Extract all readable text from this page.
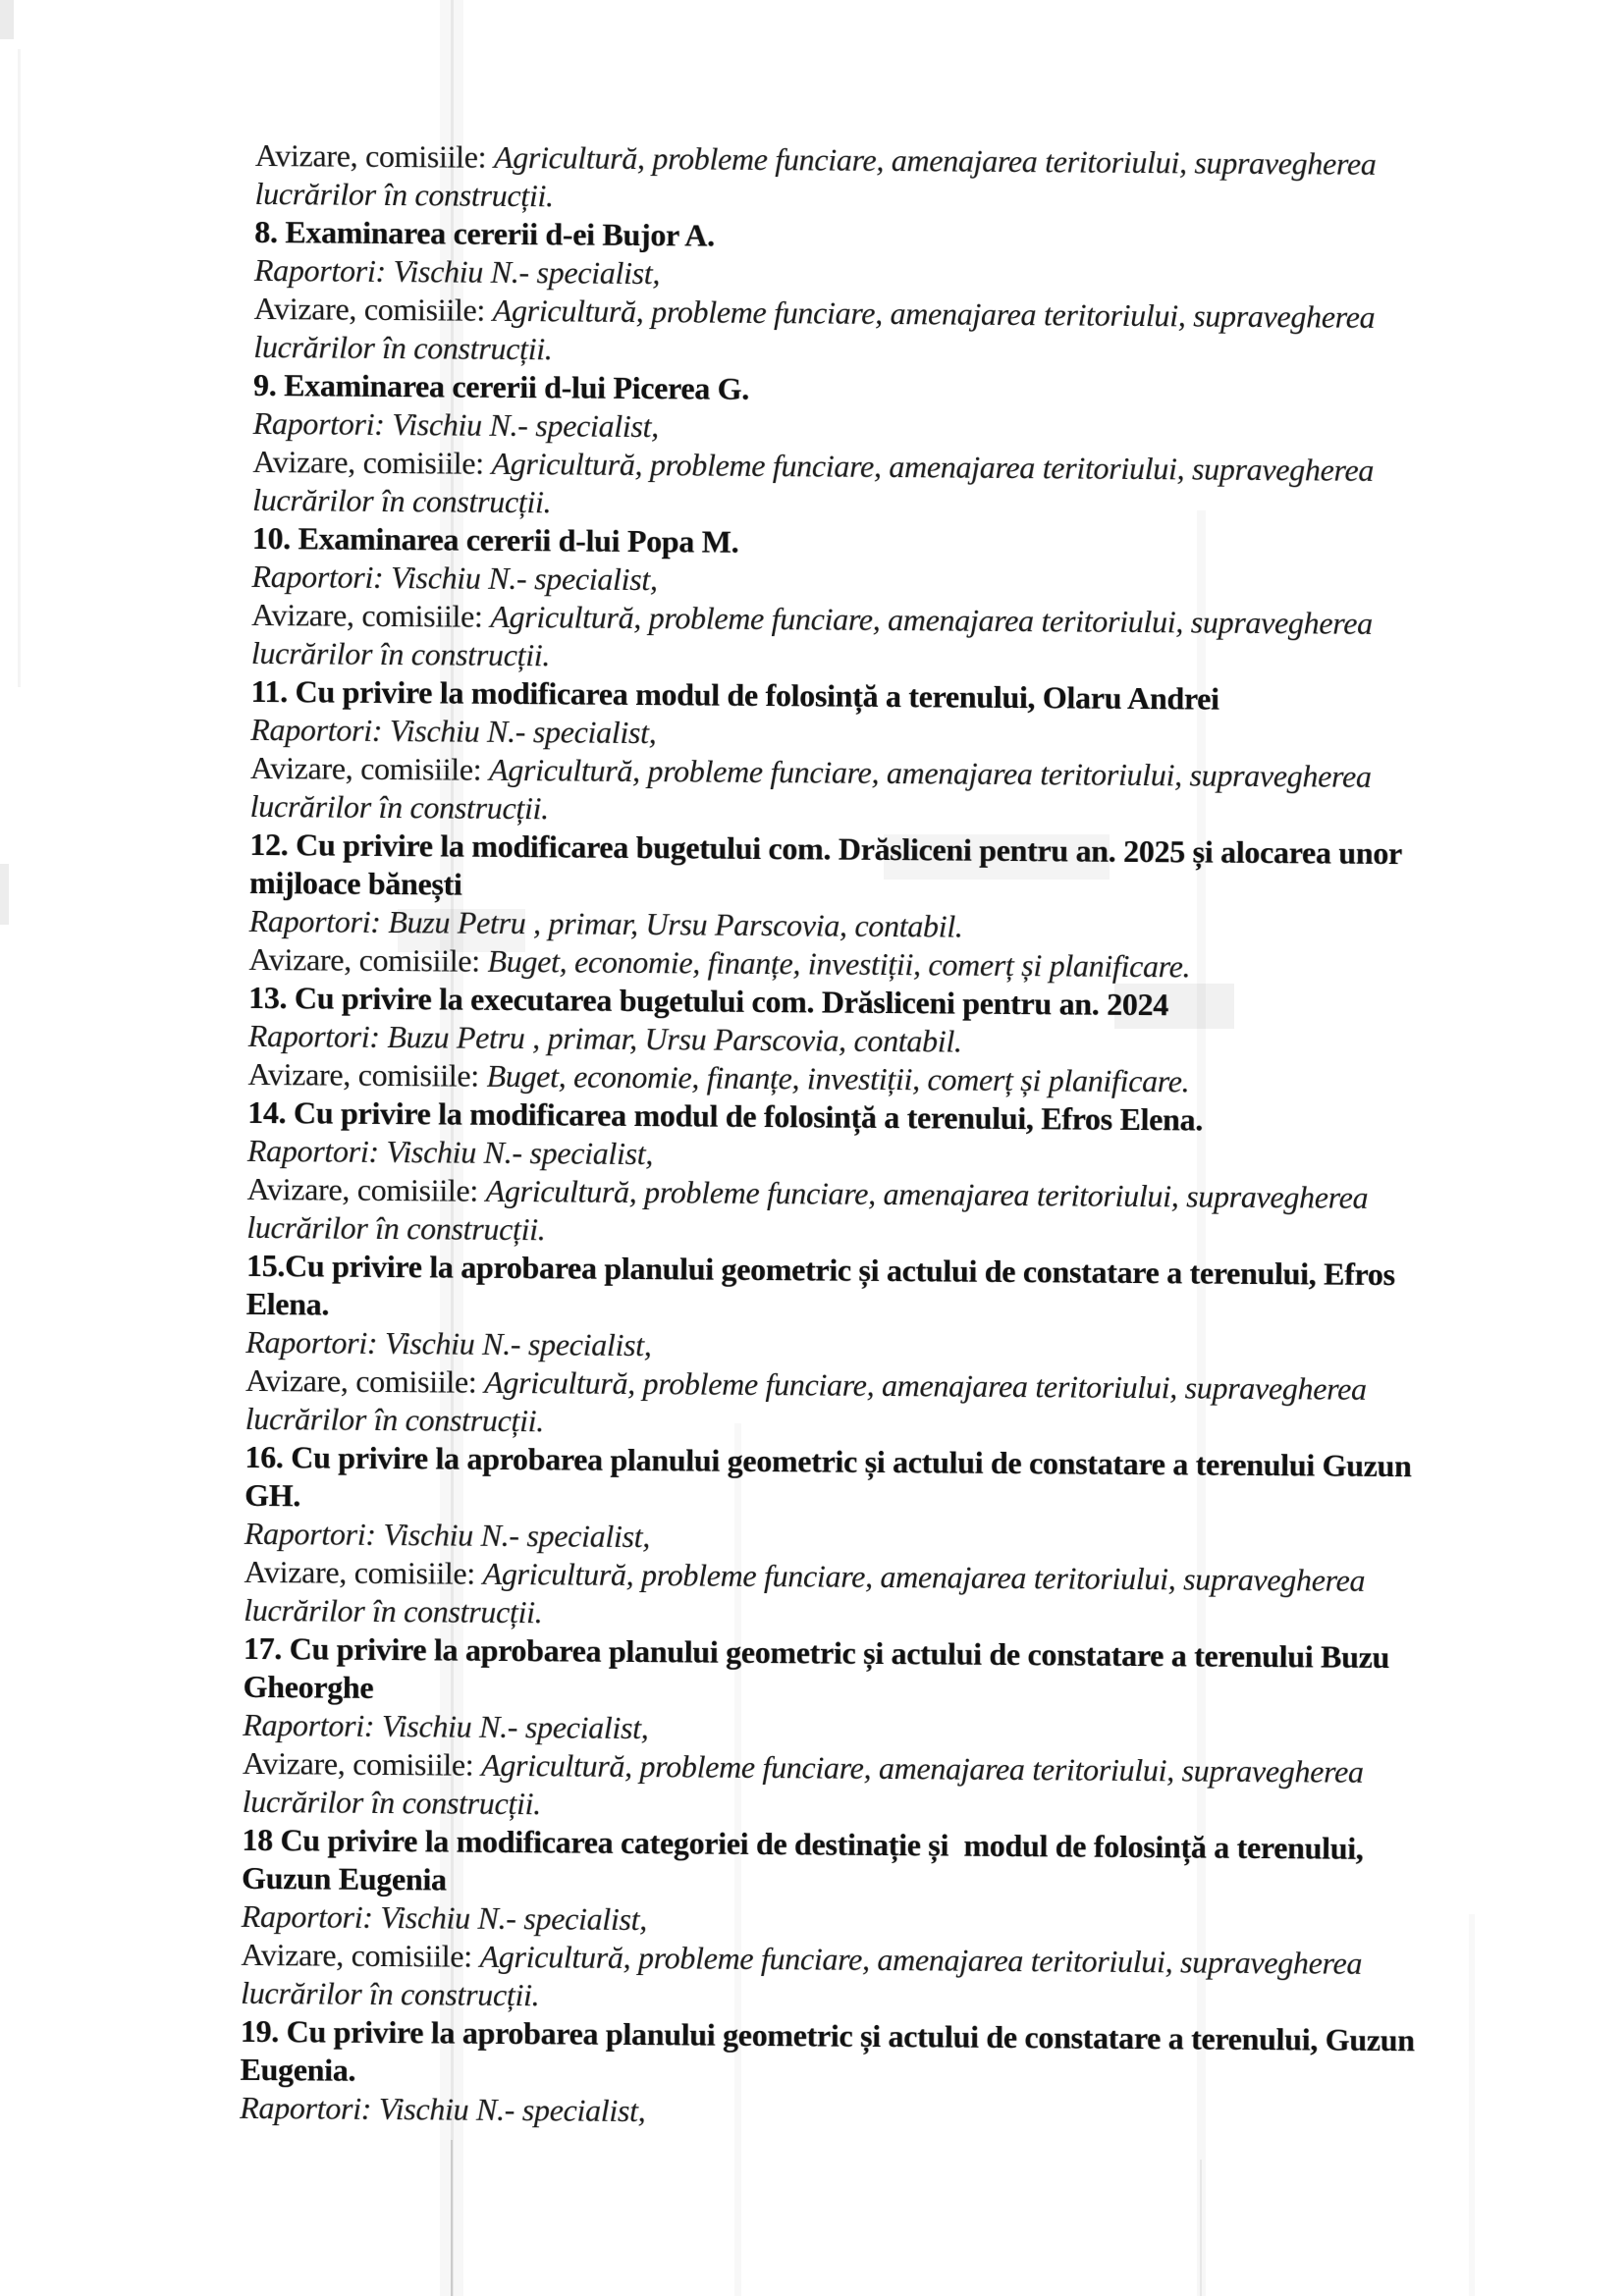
Avizare, comisiile: Agricultură, probleme funciare, amenajarea teritoriului, supravegherea
lucrărilor în construcții.
8. Examinarea cererii d-ei Bujor A.
Raportori: Vischiu N.- specialist,
Avizare, comisiile: Agricultură, probleme funciare, amenajarea teritoriului, supravegherea
lucrărilor în construcții.
9. Examinarea cererii d-lui Picerea G.
Raportori: Vischiu N.- specialist,
Avizare, comisiile: Agricultură, probleme funciare, amenajarea teritoriului, supravegherea
lucrărilor în construcții.
10. Examinarea cererii d-lui Popa M.
Raportori: Vischiu N.- specialist,
Avizare, comisiile: Agricultură, probleme funciare, amenajarea teritoriului, supravegherea
lucrărilor în construcții.
11. Cu privire la modificarea modul de folosință a terenului, Olaru Andrei
Raportori: Vischiu N.- specialist,
Avizare, comisiile: Agricultură, probleme funciare, amenajarea teritoriului, supravegherea
lucrărilor în construcții.
12. Cu privire la modificarea bugetului com. Drăsliceni pentru an. 2025 și alocarea unor
mijloace bănești
Raportori: Buzu Petru , primar, Ursu Parscovia, contabil.
Avizare, comisiile: Buget, economie, finanțe, investiții, comerț și planificare.
13. Cu privire la executarea bugetului com. Drăsliceni pentru an. 2024
Raportori: Buzu Petru , primar, Ursu Parscovia, contabil.
Avizare, comisiile: Buget, economie, finanțe, investiții, comerț și planificare.
14. Cu privire la modificarea modul de folosință a terenului, Efros Elena.
Raportori: Vischiu N.- specialist,
Avizare, comisiile: Agricultură, probleme funciare, amenajarea teritoriului, supravegherea
lucrărilor în construcții.
15.Cu privire la aprobarea planului geometric și actului de constatare a terenului, Efros
Elena.
Raportori: Vischiu N.- specialist,
Avizare, comisiile: Agricultură, probleme funciare, amenajarea teritoriului, supravegherea
lucrărilor în construcții.
16. Cu privire la aprobarea planului geometric și actului de constatare a terenului Guzun
GH.
Raportori: Vischiu N.- specialist,
Avizare, comisiile: Agricultură, probleme funciare, amenajarea teritoriului, supravegherea
lucrărilor în construcții.
17. Cu privire la aprobarea planului geometric și actului de constatare a terenului Buzu
Gheorghe
Raportori: Vischiu N.- specialist,
Avizare, comisiile: Agricultură, probleme funciare, amenajarea teritoriului, supravegherea
lucrărilor în construcții.
18 Cu privire la modificarea categoriei de destinație și  modul de folosință a terenului,
Guzun Eugenia
Raportori: Vischiu N.- specialist,
Avizare, comisiile: Agricultură, probleme funciare, amenajarea teritoriului, supravegherea
lucrărilor în construcții.
19. Cu privire la aprobarea planului geometric și actului de constatare a terenului, Guzun
Eugenia.
Raportori: Vischiu N.- specialist,
